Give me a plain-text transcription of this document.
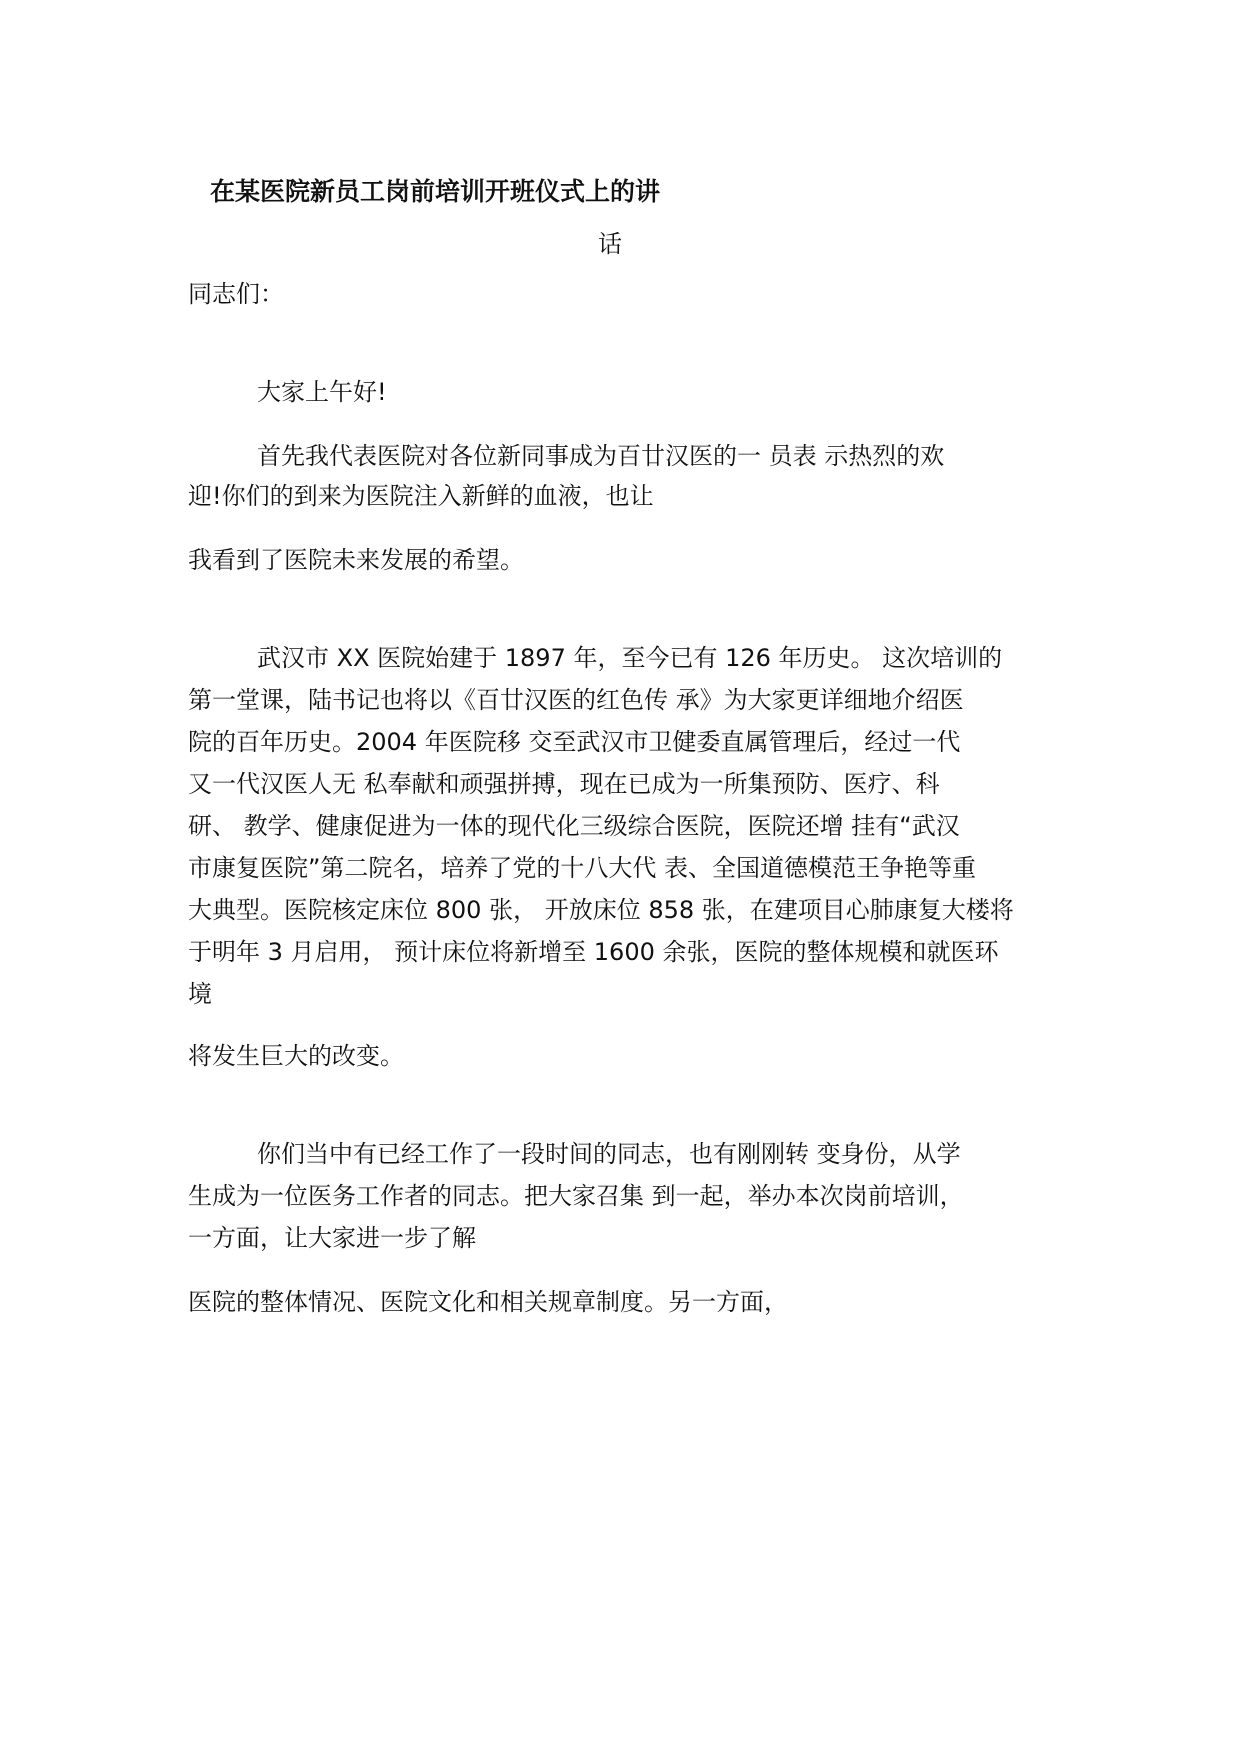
在某医院新员工岗前培训开班仪式上的讲
话
同志们：
大家上午好!
首先我代表医院对各位新同事成为百廿汉医的一 员表 示热烈的欢
迎!你们的到来为医院注入新鲜的血液，也让
我看到了医院未来发展的希望。
武汉市 XX 医院始建于 1897 年，至今已有 126 年历史。 这次培训的
第一堂课，陆书记也将以《百廿汉医的红色传 承》为大家更详细地介绍医
院的百年历史。2004 年医院移 交至武汉市卫健委直属管理后，经过一代
又一代汉医人无 私奉献和顽强拼搏，现在已成为一所集预防、医疗、科
研、 教学、健康促进为一体的现代化三级综合医院，医院还增 挂有“武汉
市康复医院”第二院名，培养了党的十八大代 表、全国道德模范王争艳等重
大典型。医院核定床位 800 张， 开放床位 858 张，在建项目心肺康复大楼将
于明年 3 月启用， 预计床位将新增至 1600 余张，医院的整体规模和就医环
境
将发生巨大的改变。
你们当中有已经工作了一段时间的同志，也有刚刚转 变身份，从学
生成为一位医务工作者的同志。把大家召集 到一起，举办本次岗前培训，
一方面，让大家进一步了解
医院的整体情况、医院文化和相关规章制度。另一方面，
